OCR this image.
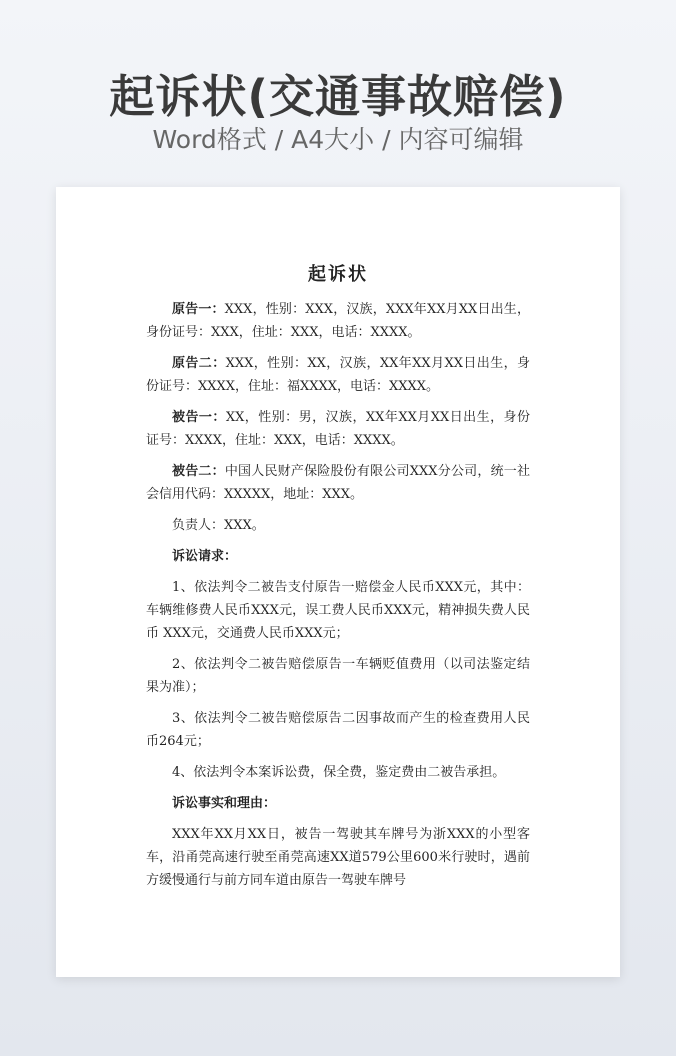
起诉状(交通事故赔偿)
Word格式 / A4大小 / 内容可编辑
起诉状

原告一：XXX，性别：XXX，汉族，XXX年XX月XX日出生，身份证号：XXX，住址：XXX，电话：XXXX。

原告二：XXX，性别：XX，汉族，XX年XX月XX日出生，身份证号：XXXX，住址：福XXXX，电话：XXXX。

被告一：XX，性别：男，汉族，XX年XX月XX日出生，身份证号：XXXX，住址：XXX，电话：XXXX。

被告二：中国人民财产保险股份有限公司XXX分公司，统一社会信用代码：XXXXX，地址：XXX。

负责人：XXX。

诉讼请求：

1、依法判令二被告支付原告一赔偿金人民币XXX元，其中：车辆维修费人民币XXX元，误工费人民币XXX元，精神损失费人民币 XXX元，交通费人民币XXX元；

2、依法判令二被告赔偿原告一车辆贬值费用（以司法鉴定结果为准）；

3、依法判令二被告赔偿原告二因事故而产生的检查费用人民币264元；

4、依法判令本案诉讼费，保全费，鉴定费由二被告承担。

诉讼事实和理由：

XXX年XX月XX日，被告一驾驶其车牌号为浙XXX的小型客车，沿甬莞高速行驶至甬莞高速XX道579公里600米行驶时，遇前方缓慢通行与前方同车道由原告一驾驶车牌号
